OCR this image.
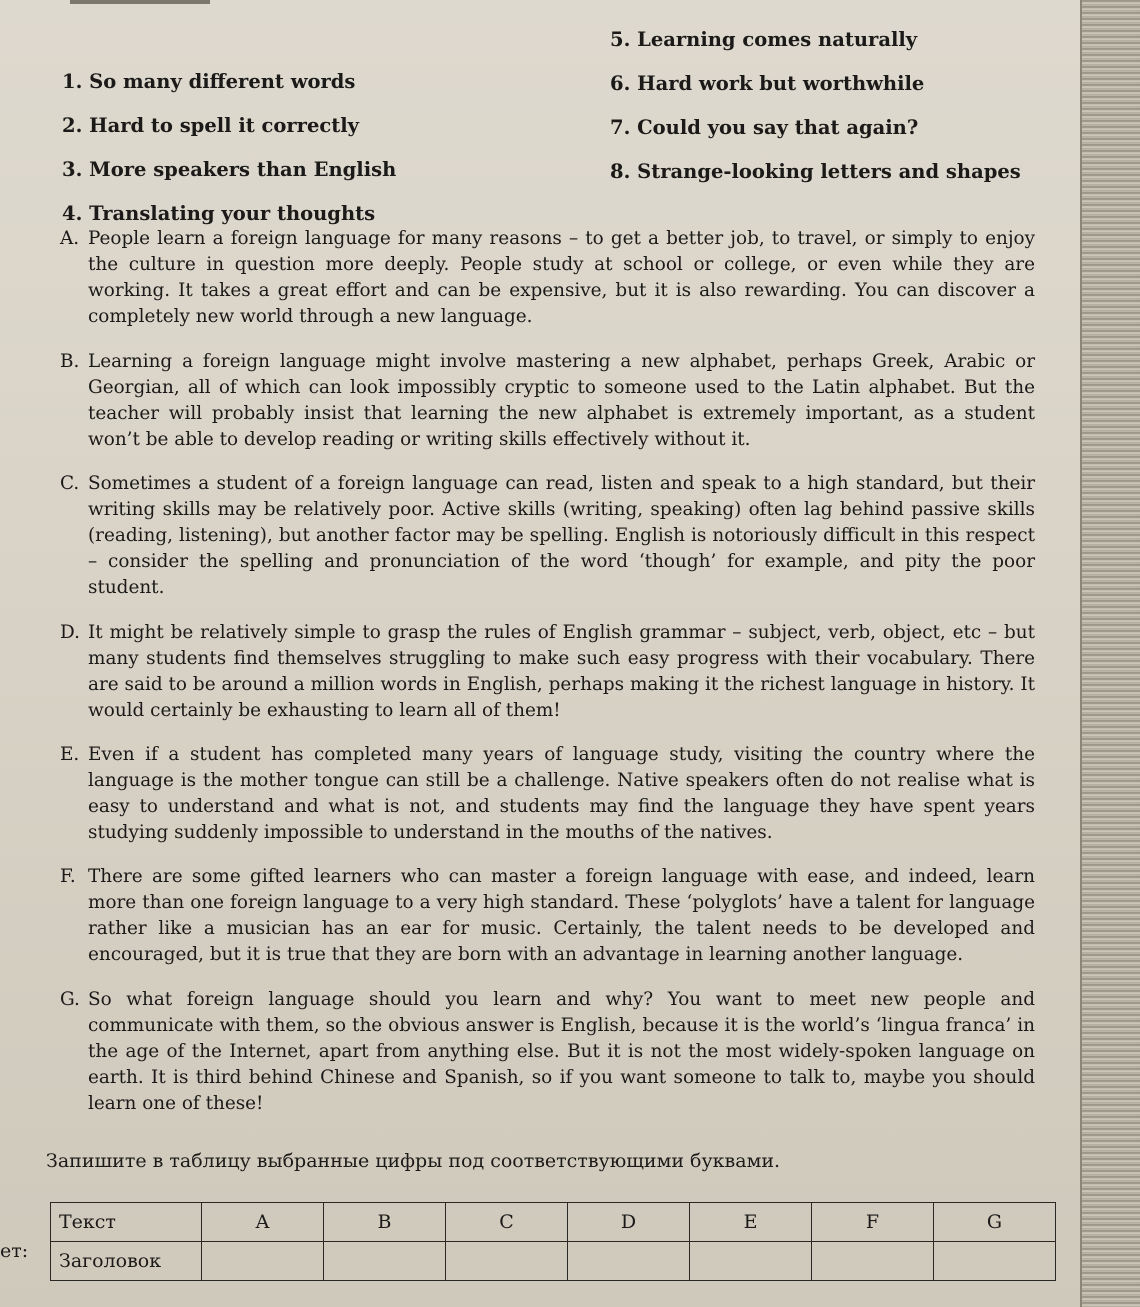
1. So many different words
2. Hard to spell it correctly
3. More speakers than English
4. Translating your thoughts
5. Learning comes naturally
6. Hard work but worthwhile
7. Could you say that again?
8. Strange-looking letters and shapes

A. People learn a foreign language for many reasons – to get a better job, to travel, or simply to enjoy the culture in question more deeply. People study at school or college, or even while they are working. It takes a great effort and can be expensive, but it is also rewarding. You can discover a completely new world through a new language.

B. Learning a foreign language might involve mastering a new alphabet, perhaps Greek, Arabic or Georgian, all of which can look impossibly cryptic to someone used to the Latin alphabet. But the teacher will probably insist that learning the new alphabet is extremely important, as a student won’t be able to develop reading or writing skills effectively without it.

C. Sometimes a student of a foreign language can read, listen and speak to a high standard, but their writing skills may be relatively poor. Active skills (writing, speaking) often lag behind passive skills (reading, listening), but another factor may be spelling. English is notoriously difficult in this respect – consider the spelling and pronunciation of the word ‘though’ for example, and pity the poor student.

D. It might be relatively simple to grasp the rules of English grammar – subject, verb, object, etc – but many students find themselves struggling to make such easy progress with their vocabulary. There are said to be around a million words in English, perhaps making it the richest language in history. It would certainly be exhausting to learn all of them!

E. Even if a student has completed many years of language study, visiting the country where the language is the mother tongue can still be a challenge. Native speakers often do not realise what is easy to understand and what is not, and students may find the language they have spent years studying suddenly impossible to understand in the mouths of the natives.

F. There are some gifted learners who can master a foreign language with ease, and indeed, learn more than one foreign language to a very high standard. These ‘polyglots’ have a talent for language rather like a musician has an ear for music. Certainly, the talent needs to be developed and encouraged, but it is true that they are born with an advantage in learning another language.

G. So what foreign language should you learn and why? You want to meet new people and communicate with them, so the obvious answer is English, because it is the world’s ‘lingua franca’ in the age of the Internet, apart from anything else. But it is not the most widely-spoken language on earth. It is third behind Chinese and Spanish, so if you want someone to talk to, maybe you should learn one of these!

Запишите в таблицу выбранные цифры под соответствующими буквами.
ет:
Текст	A	B	C	D	E	F	G
Заголовок							
